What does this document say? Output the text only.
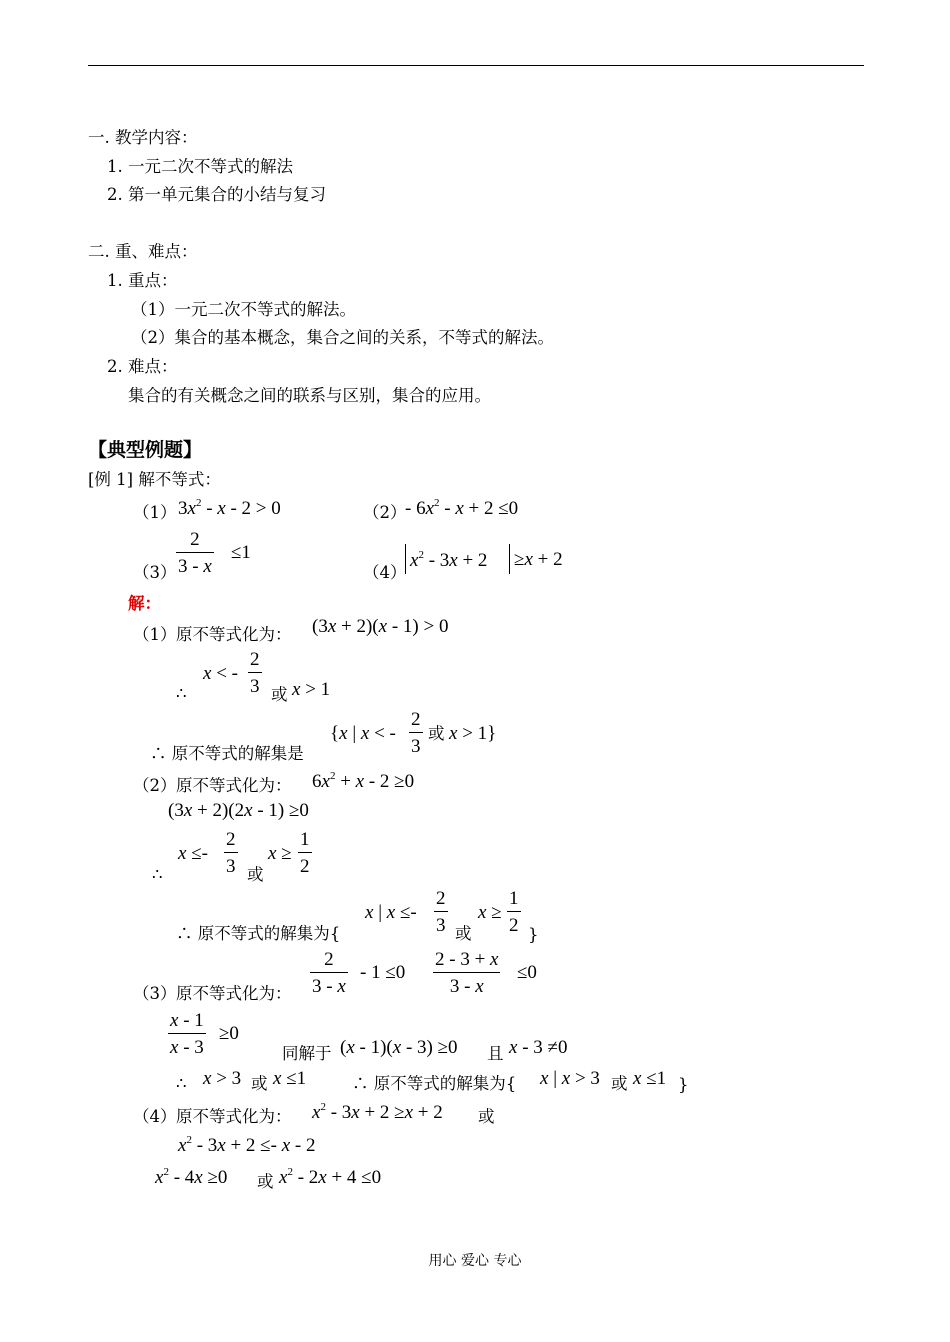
一. 教学内容：
1. 一元二次不等式的解法
2. 第一单元集合的小结与复习
二. 重、难点：
1. 重点：
（1）一元二次不等式的解法。
（2）集合的基本概念，集合之间的关系，不等式的解法。
2. 难点：
集合的有关概念之间的联系与区别，集合的应用。
【典型例题】
[例 1] 解不等式：
（1） $3x^2 - x - 2 > 0$	（2）
- $6x^2 - x + 2 \le 0$
$(3) \frac{2}{3 - x} \le 1$
（4）
$x^2 - 3x + 2 \ge x + 2$
解：
（1） 原不等式化为： (3x + 2)(x - 1) > 0
∴
x < - $\frac{2}{3}$ 或 x > 1
∴ 原不等式的解集是
{x | x < - $\frac{2}{3}$ 或 x > 1}
（2） 原不等式化为： $6x^2 + x - 2 \ge 0$
(3x + 2)(2x - 1) ≥0
∴
$x \le- \frac{2}{3}$ 或
$x \ge \frac{1}{2}$
∴ 原不等式的解集为{
x | $x \le- \frac{2}{3}$ 或
$x \ge \frac{1}{2}$ }
（3） 原不等式化为： $\frac{2}{3 - x} - 1 \le 0 \frac{2 - 3 + x}{3 - x} \le 0$
$\frac{x - 1}{x - 3} \ge 0$
同解于 (x - 1)(x - 3) ≥0 且 x - 3 ≠0
∴ x > 3 或 x ≤1	∴ 原不等式的解集为{ x | x > 3 或 x ≤1 }
（4） 原不等式化为： $x^2 - 3x + 2 \ge x + 2$ 或
$x^2 - 3x + 2 \le- x - 2$
$x^2 - 4x \ge 0$ 或 $x^2 - 2x + 4 \le 0$
用心 爱心 专心
